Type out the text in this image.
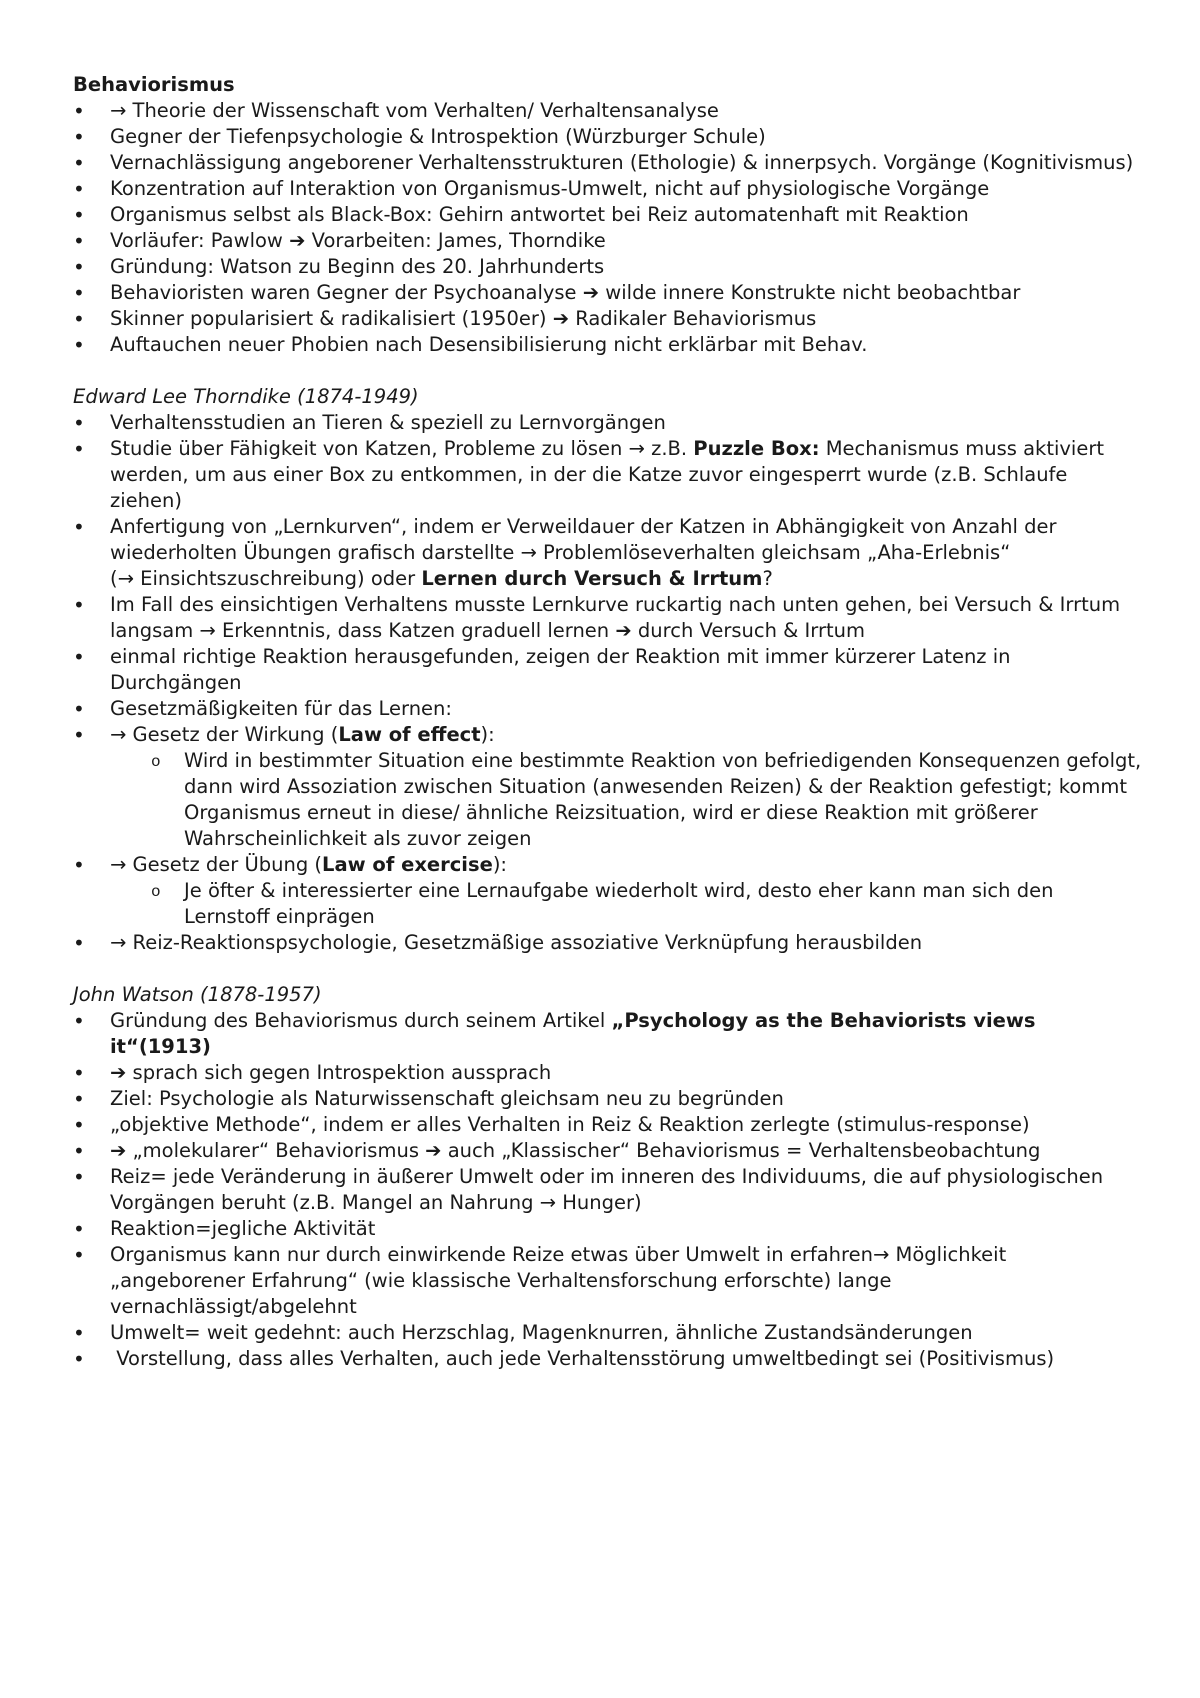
Behaviorismus
• → Theorie der Wissenschaft vom Verhalten/ Verhaltensanalyse
• Gegner der Tiefenpsychologie & Introspektion (Würzburger Schule)
• Vernachlässigung angeborener Verhaltensstrukturen (Ethologie) & innerpsych. Vorgänge (Kognitivismus)
• Konzentration auf Interaktion von Organismus-Umwelt, nicht auf physiologische Vorgänge
• Organismus selbst als Black-Box: Gehirn antwortet bei Reiz automatenhaft mit Reaktion
• Vorläufer: Pawlow ➔ Vorarbeiten: James, Thorndike
• Gründung: Watson zu Beginn des 20. Jahrhunderts
• Behavioristen waren Gegner der Psychoanalyse ➔ wilde innere Konstrukte nicht beobachtbar
• Skinner popularisiert & radikalisiert (1950er) ➔ Radikaler Behaviorismus
• Auftauchen neuer Phobien nach Desensibilisierung nicht erklärbar mit Behav.
Edward Lee Thorndike (1874-1949)
• Verhaltensstudien an Tieren & speziell zu Lernvorgängen
• Studie über Fähigkeit von Katzen, Probleme zu lösen → z.B. Puzzle Box: Mechanismus muss aktiviert werden, um aus einer Box zu entkommen, in der die Katze zuvor eingesperrt wurde (z.B. Schlaufe ziehen)
• Anfertigung von „Lernkurven“, indem er Verweildauer der Katzen in Abhängigkeit von Anzahl der wiederholten Übungen grafisch darstellte → Problemlöseverhalten gleichsam „Aha-Erlebnis“
(→ Einsichtszuschreibung) oder Lernen durch Versuch & Irrtum?
• Im Fall des einsichtigen Verhaltens musste Lernkurve ruckartig nach unten gehen, bei Versuch & Irrtum langsam → Erkenntnis, dass Katzen graduell lernen ➔ durch Versuch & Irrtum
• einmal richtige Reaktion herausgefunden, zeigen der Reaktion mit immer kürzerer Latenz in Durchgängen
• Gesetzmäßigkeiten für das Lernen:
• → Gesetz der Wirkung (Law of effect):
o Wird in bestimmter Situation eine bestimmte Reaktion von befriedigenden Konsequenzen gefolgt, dann wird Assoziation zwischen Situation (anwesenden Reizen) & der Reaktion gefestigt; kommt Organismus erneut in diese/ ähnliche Reizsituation, wird er diese Reaktion mit größerer Wahrscheinlichkeit als zuvor zeigen
• → Gesetz der Übung (Law of exercise):
o Je öfter & interessierter eine Lernaufgabe wiederholt wird, desto eher kann man sich den Lernstoff einprägen
• → Reiz-Reaktionspsychologie, Gesetzmäßige assoziative Verknüpfung herausbilden
John Watson (1878-1957)
• Gründung des Behaviorismus durch seinem Artikel „Psychology as the Behaviorists views it“(1913)
• ➔ sprach sich gegen Introspektion aussprach
• Ziel: Psychologie als Naturwissenschaft gleichsam neu zu begründen
• „objektive Methode“, indem er alles Verhalten in Reiz & Reaktion zerlegte (stimulus-response)
• ➔ „molekularer“ Behaviorismus ➔ auch „Klassischer“ Behaviorismus = Verhaltensbeobachtung
• Reiz= jede Veränderung in äußerer Umwelt oder im inneren des Individuums, die auf physiologischen Vorgängen beruht (z.B. Mangel an Nahrung → Hunger)
• Reaktion=jegliche Aktivität
• Organismus kann nur durch einwirkende Reize etwas über Umwelt in erfahren→ Möglichkeit „angeborener Erfahrung“ (wie klassische Verhaltensforschung erforschte) lange vernachlässigt/abgelehnt
• Umwelt= weit gedehnt: auch Herzschlag, Magenknurren, ähnliche Zustandsänderungen
•  Vorstellung, dass alles Verhalten, auch jede Verhaltensstörung umweltbedingt sei (Positivismus)
